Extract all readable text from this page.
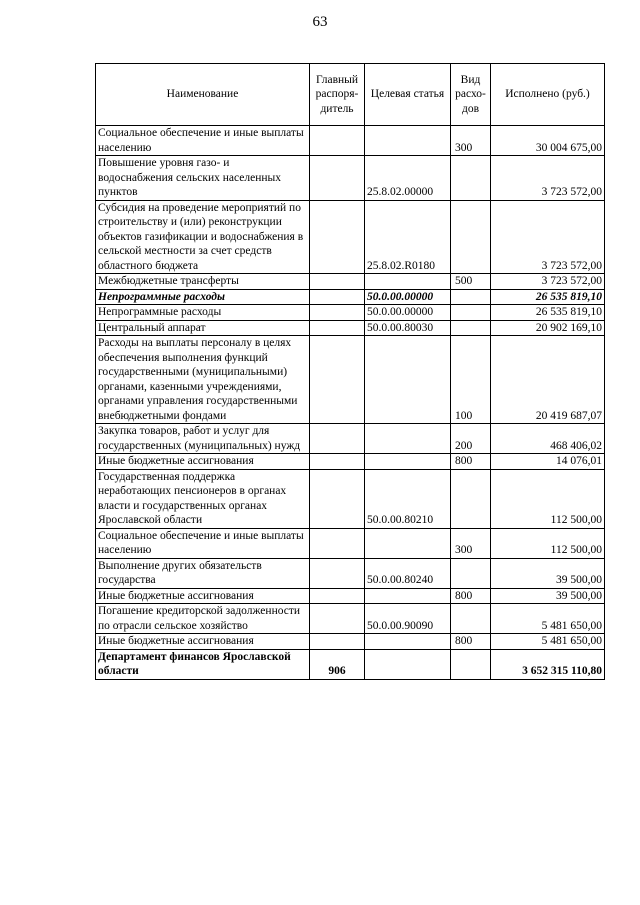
63
Наименование	Главный распоря-дитель	Целевая статья	Вид расхо-дов	Исполнено (руб.)
Социальное обеспечение и иные выплаты населению			300	30 004 675,00
Повышение уровня газо- и водоснабжения сельских населенных пунктов		25.8.02.00000		3 723 572,00
Субсидия на проведение мероприятий по строительству и (или) реконструкции объектов газификации и водоснабжения в сельской местности за счет средств областного бюджета		25.8.02.R0180		3 723 572,00
Межбюджетные трансферты			500	3 723 572,00
Непрограммные расходы		50.0.00.00000		26 535 819,10
Непрограммные расходы		50.0.00.00000		26 535 819,10
Центральный аппарат		50.0.00.80030		20 902 169,10
Расходы на выплаты персоналу в целях обеспечения выполнения функций государственными (муниципальными) органами, казенными учреждениями, органами управления государственными внебюджетными фондами			100	20 419 687,07
Закупка товаров, работ и услуг для государственных (муниципальных) нужд			200	468 406,02
Иные бюджетные ассигнования			800	14 076,01
Государственная поддержка неработающих пенсионеров в органах власти и государственных органах Ярославской области		50.0.00.80210		112 500,00
Социальное обеспечение и иные выплаты населению			300	112 500,00
Выполнение других обязательств государства		50.0.00.80240		39 500,00
Иные бюджетные ассигнования			800	39 500,00
Погашение кредиторской задолженности по отрасли сельское хозяйство		50.0.00.90090		5 481 650,00
Иные бюджетные ассигнования			800	5 481 650,00
Департамент финансов Ярославской области	906			3 652 315 110,80
